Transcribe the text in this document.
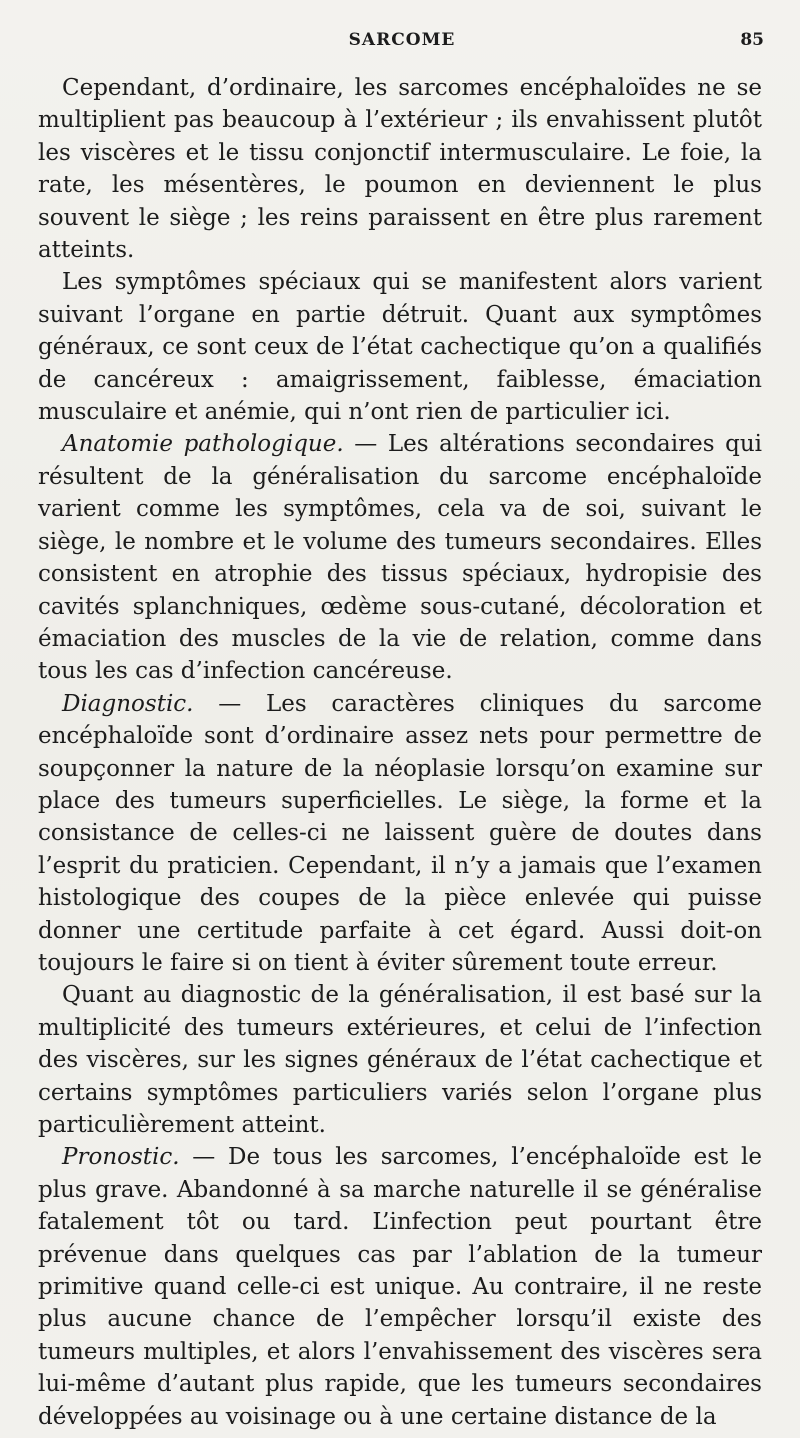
SARCOME	85

Cependant, d’ordinaire, les sarcomes encéphaloïdes ne se multiplient pas beaucoup à l’extérieur ; ils envahissent plutôt les viscères et le tissu conjonctif intermusculaire. Le foie, la rate, les mésentères, le poumon en deviennent le plus souvent le siège ; les reins paraissent en être plus rarement atteints.

Les symptômes spéciaux qui se manifestent alors varient suivant l’organe en partie détruit. Quant aux symptômes généraux, ce sont ceux de l’état cachectique qu’on a qualifiés de cancéreux : amaigrissement, faiblesse, émaciation musculaire et anémie, qui n’ont rien de particulier ici.

Anatomie pathologique. — Les altérations secondaires qui résultent de la généralisation du sarcome encéphaloïde varient comme les symptômes, cela va de soi, suivant le siège, le nombre et le volume des tumeurs secondaires. Elles consistent en atrophie des tissus spéciaux, hydropisie des cavités splanchniques, œdème sous-cutané, décoloration et émaciation des muscles de la vie de relation, comme dans tous les cas d’infection cancéreuse.

Diagnostic. — Les caractères cliniques du sarcome encéphaloïde sont d’ordinaire assez nets pour permettre de soupçonner la nature de la néoplasie lorsqu’on examine sur place des tumeurs superficielles. Le siège, la forme et la consistance de celles-ci ne laissent guère de doutes dans l’esprit du praticien. Cependant, il n’y a jamais que l’examen histologique des coupes de la pièce enlevée qui puisse donner une certitude parfaite à cet égard. Aussi doit-on toujours le faire si on tient à éviter sûrement toute erreur.

Quant au diagnostic de la généralisation, il est basé sur la multiplicité des tumeurs extérieures, et celui de l’infection des viscères, sur les signes généraux de l’état cachectique et certains symptômes particuliers variés selon l’organe plus particulièrement atteint.

Pronostic. — De tous les sarcomes, l’encéphaloïde est le plus grave. Abandonné à sa marche naturelle il se généralise fatalement tôt ou tard. L’infection peut pourtant être prévenue dans quelques cas par l’ablation de la tumeur primitive quand celle-ci est unique. Au contraire, il ne reste plus aucune chance de l’empêcher lorsqu’il existe des tumeurs multiples, et alors l’envahissement des viscères sera lui-même d’autant plus rapide, que les tumeurs secondaires développées au voisinage ou à une certaine distance de la
